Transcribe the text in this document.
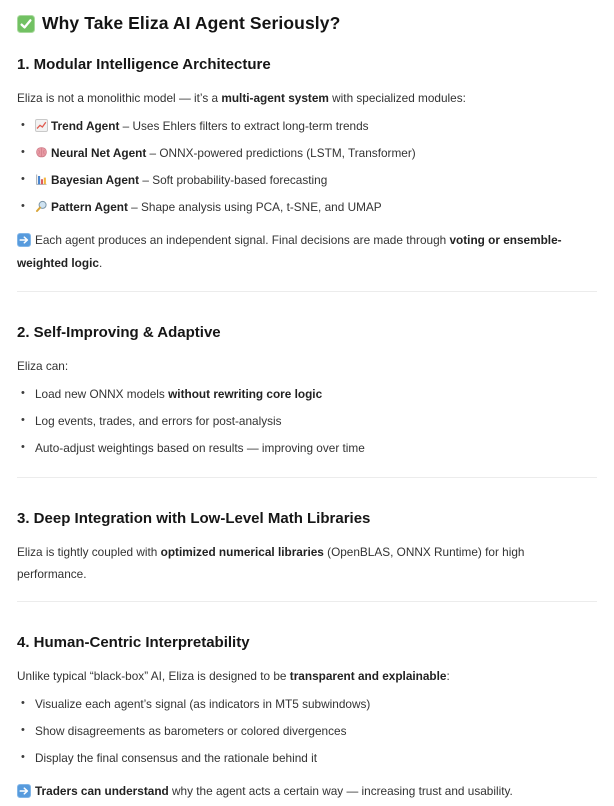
Why Take Eliza AI Agent Seriously?
1. Modular Intelligence Architecture

Eliza is not a monolithic model — it’s a multi-agent system with specialized modules:

•	Trend Agent – Uses Ehlers filters to extract long-term trends
•	Neural Net Agent – ONNX-powered predictions (LSTM, Transformer)
•	Bayesian Agent – Soft probability-based forecasting
•	Pattern Agent – Shape analysis using PCA, t-SNE, and UMAP

Each agent produces an independent signal. Final decisions are made through voting or ensemble-weighted logic.

2. Self-Improving & Adaptive

Eliza can:

• Load new ONNX models without rewriting core logic
• Log events, trades, and errors for post-analysis
• Auto-adjust weightings based on results — improving over time
3. Deep Integration with Low-Level Math Libraries

Eliza is tightly coupled with optimized numerical libraries (OpenBLAS, ONNX Runtime) for high performance.

4. Human-Centric Interpretability

Unlike typical “black-box” AI, Eliza is designed to be transparent and explainable:

• Visualize each agent’s signal (as indicators in MT5 subwindows)
• Show disagreements as barometers or colored divergences
• Display the final consensus and the rationale behind it

Traders can understand why the agent acts a certain way — increasing trust and usability.
